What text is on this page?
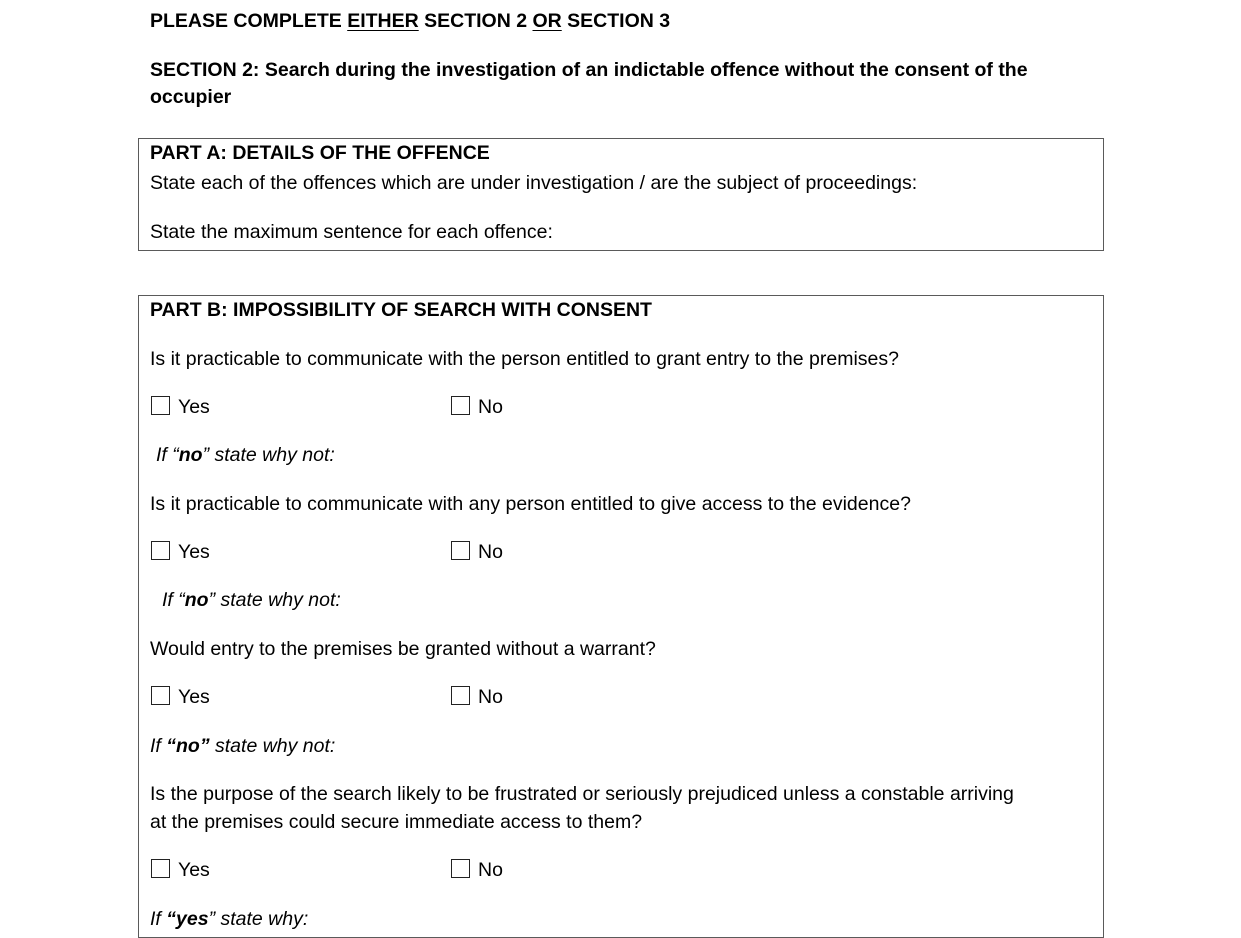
PLEASE COMPLETE EITHER SECTION 2 OR SECTION 3
SECTION 2: Search during the investigation of an indictable offence without the consent of the
occupier
PART A: DETAILS OF THE OFFENCE
State each of the offences which are under investigation / are the subject of proceedings:
State the maximum sentence for each offence:
PART B: IMPOSSIBILITY OF SEARCH WITH CONSENT
Is it practicable to communicate with the person entitled to grant entry to the premises?
Yes	No
If “no” state why not:
Is it practicable to communicate with any person entitled to give access to the evidence?
Yes	No
If “no” state why not:
Would entry to the premises be granted without a warrant?
Yes	No
If “no” state why not:
Is the purpose of the search likely to be frustrated or seriously prejudiced unless a constable arriving
at the premises could secure immediate access to them?
Yes	No
If “yes” state why:
